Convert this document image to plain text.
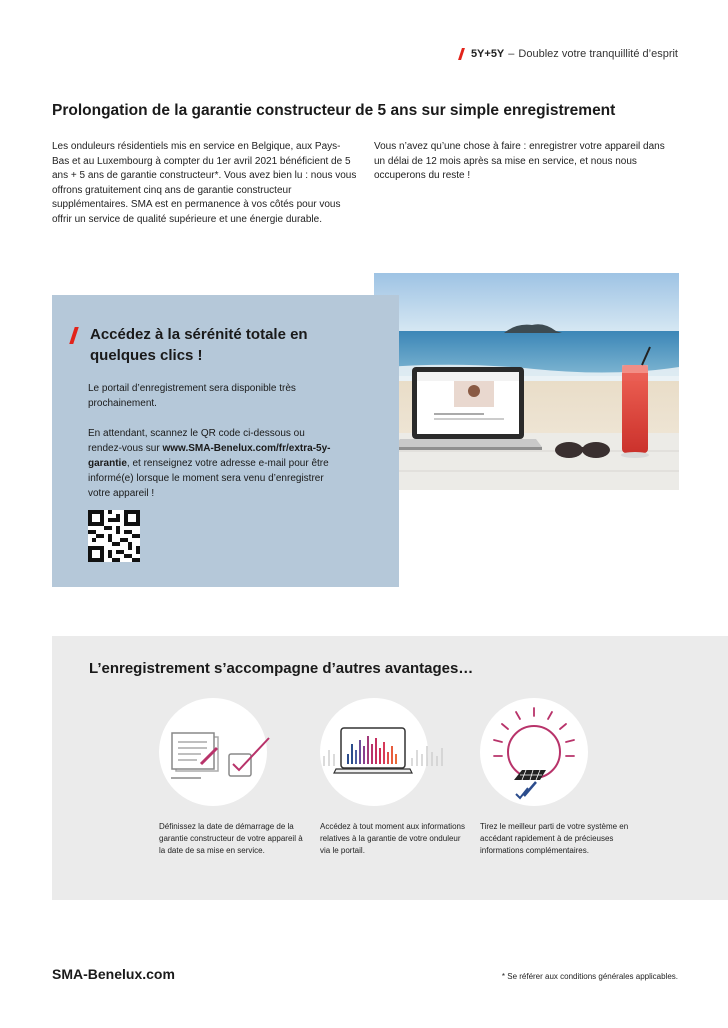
5Y+5Y – Doublez votre tranquillité d’esprit
Prolongation de la garantie constructeur de 5 ans sur simple enregistrement

Les onduleurs résidentiels mis en service en Belgique, aux Pays-Bas et au Luxembourg à compter du 1er avril 2021 bénéficient de 5 ans + 5 ans de garantie constructeur*. Vous avez bien lu : nous vous offrons gratuitement cinq ans de garantie constructeur supplémentaires. SMA est en permanence à vos côtés pour vous offrir un service de qualité supérieure et une énergie durable.

Vous n’avez qu’une chose à faire : enregistrer votre appareil dans un délai de 12 mois après sa mise en service, et nous nous occuperons du reste !

Accédez à la sérénité totale en quelques clics !

Le portail d’enregistrement sera disponible très prochainement.

En attendant, scannez le QR code ci-dessous ou rendez-vous sur www.SMA-Benelux.com/fr/extra-5y-garantie, et renseignez votre adresse e-mail pour être informé(e) lorsque le moment sera venu d’enregistrer votre appareil !

L’enregistrement s’accompagne d’autres avantages…

Définissez la date de démarrage de la garantie constructeur de votre appareil à la date de sa mise en service.

Accédez à tout moment aux informations relatives à la garantie de votre onduleur via le portail.

Tirez le meilleur parti de votre système en accédant rapidement à de précieuses informations complémentaires.

SMA-Benelux.com	* Se référer aux conditions générales applicables.
